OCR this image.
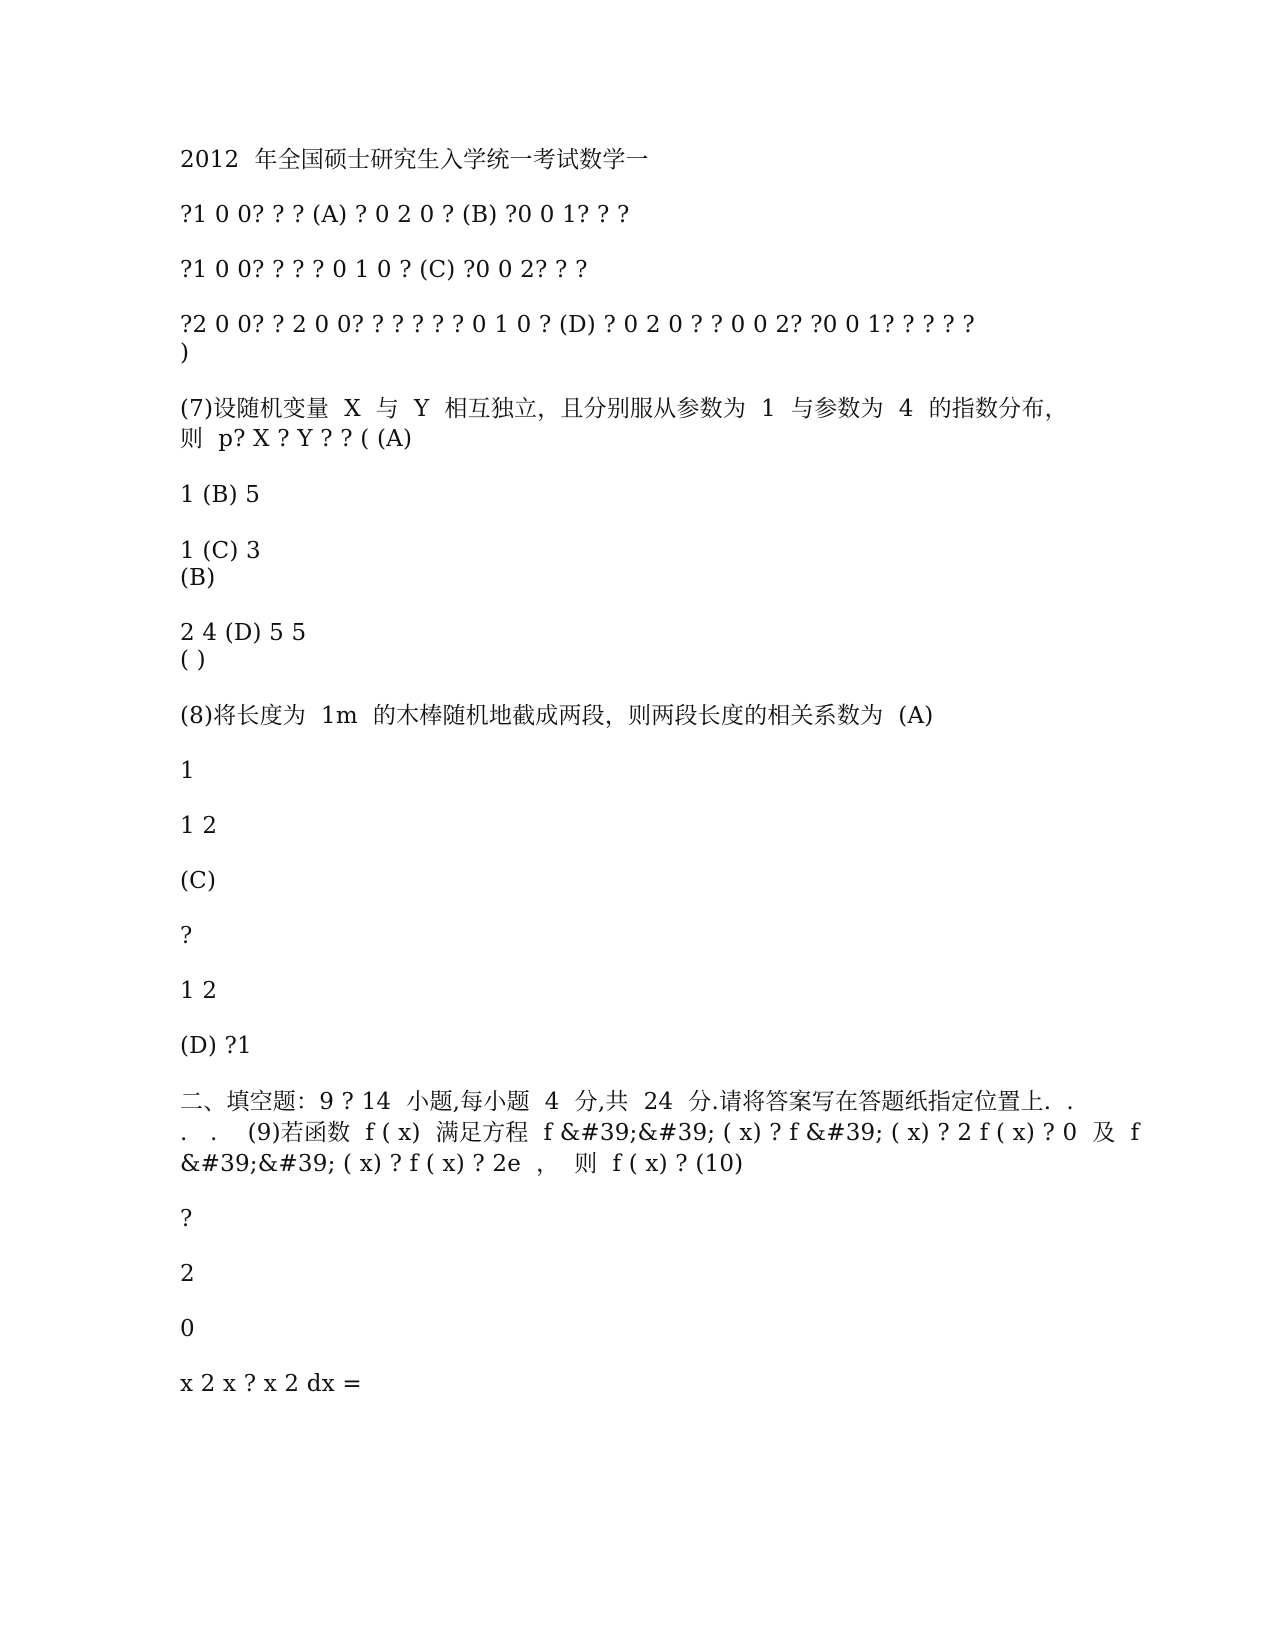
2012  年全国硕士研究生入学统一考试数学一
?1 0 0? ? ? (A) ? 0 2 0 ? (B) ?0 0 1? ? ?
?1 0 0? ? ? ? 0 1 0 ? (C) ?0 0 2? ? ?
?2 0 0? ? 2 0 0? ? ? ? ? ? 0 1 0 ? (D) ? 0 2 0 ? ? 0 0 2? ?0 0 1? ? ? ? ?
)
(7)设随机变量  X  与  Y  相互独立，且分别服从参数为  1  与参数为  4  的指数分布，
则  p? X ? Y ? ? ( (A)
1 (B) 5
1 (C) 3
(B)
2 4 (D) 5 5
( )
(8)将长度为  1m  的木棒随机地截成两段，则两段长度的相关系数为  (A)
1
1 2
(C)
?
1 2
(D) ?1
二、填空题：9 ? 14  小题,每小题  4  分,共  24  分.请将答案写在答题纸指定位置上.  .
.   .    (9)若函数  f ( x)  满足方程  f &#39;&#39; ( x) ? f &#39; ( x) ? 2 f ( x) ? 0  及  f
&#39;&#39; ( x) ? f ( x) ? 2e  ，  则  f ( x) ? (10)
?
2
0
x 2 x ? x 2 dx =
